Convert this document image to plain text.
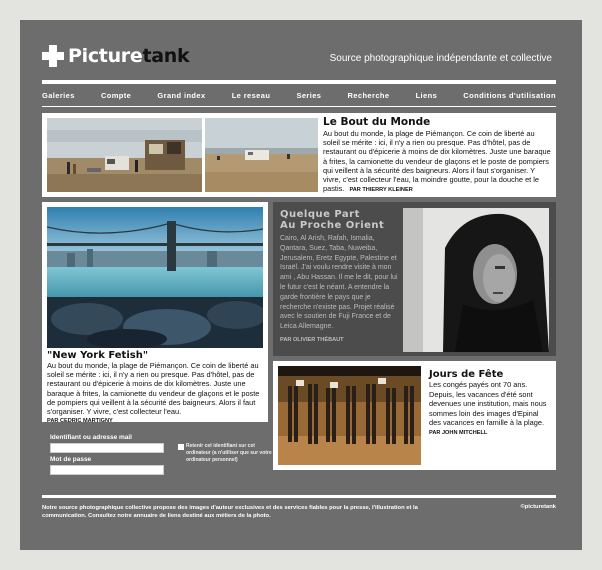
Picturetank	Source photographique indépendante et collective
Galeries	Compte	Grand index	Le reseau	Series	Recherche	Liens	Conditions d'utilisation
Le Bout du Monde

Au bout du monde, la plage de Piémançon. Ce coin de liberté au soleil se mérite : ici, il n'y a rien ou presque. Pas d'hôtel, pas de restaurant ou d'épicerie à moins de dix kilomètres. Juste une baraque à frites, la camionette du vendeur de glaçons et le poste de pompiers qui veillent à la sécurité des baigneurs. Alors il faut s'organiser. Y vivre, c'est collecteur l'eau, la moindre goutte, pour la douche et le pastis. PAR THIERRY KLEINER

"New York Fetish"

Au bout du monde, la plage de Piémançon. Ce coin de liberté au soleil se mérite : ici, il n'y a rien ou presque. Pas d'hôtel, pas de restaurant ou d'épicerie à moins de dix kilomètres. Juste une baraque à frites, la camionette du vendeur de glaçons et le poste de pompiers qui veillent à la sécurité des baigneurs. Alors il faut s'organiser. Y vivre, c'est collecteur l'eau.

PAR CEDRIC MARTIGNY
Quelque Part
Au Proche Orient

Cairo, Al Arish, Rafah, Ismalia, Qantara, Suez, Taba, Nuweiba, Jerusalem, Eretz Egypte, Palestine et Israël. J'ai voulu rendre visite à mon ami , Abu Hassan. Il me le dit, pour lui le futur c'est le néant. A entendre la garde frontière le pays que je recherche n'existe pas. Projet réalisé avec le soutien de Fuji France et de Leica Allemagne.

PAR OLIVIER THÉBAUT
Jours de Fête

Les congés payés ont 70 ans. Depuis, les vacances d'été sont devenues une institution, mais nous sommes loin des images d'Epinal des vacances en famille à la plage.

PAR JOHN MITCHELL
Identifiant ou adresse mail
Mot de passe
Retenir cet identifiant sur cet ordinateur (a n'utiliser que sur votre ordinateur personnel)
Notre source photographique collective propose des images d'auteur exclusives et des services fiables pour la presse, l'illustration et la communication. Consultez notre annuaire de liens destiné aux métiers de la photo.
©picturetank
